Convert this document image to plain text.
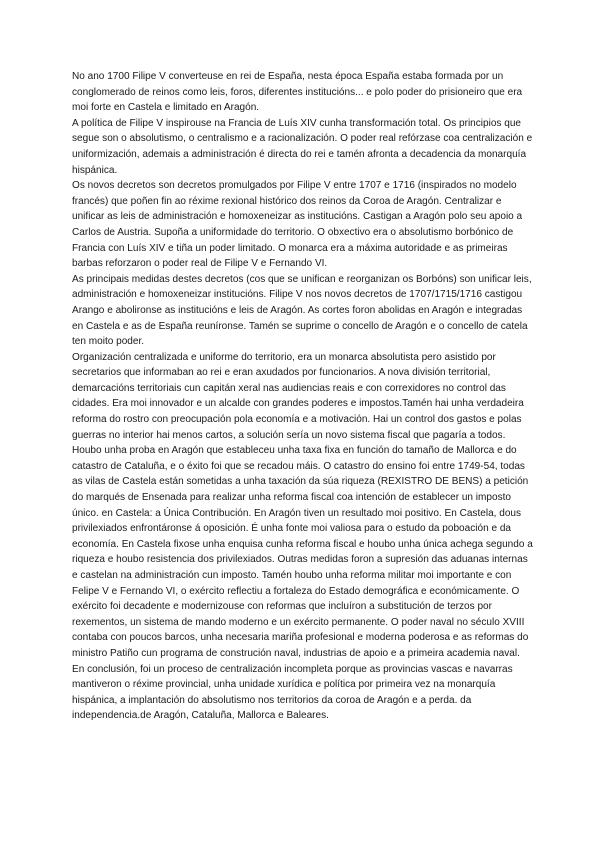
No ano 1700 Filipe V converteuse en rei de España, nesta época España estaba formada por un conglomerado de reinos como leis, foros, diferentes institucións... e polo poder do prisioneiro que era moi forte en Castela e limitado en Aragón.

A política de Filipe V inspirouse na Francia de Luís XIV cunha transformación total. Os principios que segue son o absolutismo, o centralismo e a racionalización. O poder real refórzase coa centralización e uniformización, ademais a administración é directa do rei e tamén afronta a decadencia da monarquía hispánica.

Os novos decretos son decretos promulgados por Filipe V entre 1707 e 1716 (inspirados no modelo francés) que poñen fin ao réxime rexional histórico dos reinos da Coroa de Aragón. Centralizar e unificar as leis de administración e homoxeneizar as institucións. Castigan a Aragón polo seu apoio a Carlos de Austria. Supoña a uniformidade do territorio. O obxectivo era o absolutismo borbónico de Francia con Luís XIV e tiña un poder limitado. O monarca era a máxima autoridade e as primeiras barbas reforzaron o poder real de Filipe V e Fernando VI.

As principais medidas destes decretos (cos que se unifican e reorganizan os Borbóns) son unificar leis, administración e homoxeneizar institucións. Filipe V nos novos decretos de 1707/1715/1716 castigou Arango e abolironse as institucións e leis de Aragón. As cortes foron abolidas en Aragón e integradas en Castela e as de España reuníronse. Tamén se suprime o concello de Aragón e o concello de catela ten moito poder.

Organización centralizada e uniforme do territorio, era un monarca absolutista pero asistido por secretarios que informaban ao rei e eran axudados por funcionarios. A nova división territorial, demarcacións territoriais cun capitán xeral nas audiencias reais e con correxidores no control das cidades. Era moi innovador e un alcalde con grandes poderes e impostos.Tamén hai unha verdadeira reforma do rostro con preocupación pola economía e a motivación. Hai un control dos gastos e polas guerras no interior hai menos cartos, a solución sería un novo sistema fiscal que pagaría a todos. Houbo unha proba en Aragón que estableceu unha taxa fixa en función do tamaño de Mallorca e do catastro de Cataluña, e o éxito foi que se recadou máis. O catastro do ensino foi entre 1749-54, todas as vilas de Castela están sometidas a unha taxación da súa riqueza (REXISTRO DE BENS) a petición do marqués de Ensenada para realizar unha reforma fiscal coa intención de establecer un imposto único. en Castela: a Única Contribución. En Aragón tiven un resultado moi positivo. En Castela, dous privilexiados enfrontáronse á oposición. É unha fonte moi valiosa para o estudo da poboación e da economía. En Castela fixose unha enquisa cunha reforma fiscal e houbo unha única achega segundo a riqueza e houbo resistencia dos privilexiados. Outras medidas foron a supresión das aduanas internas e castelan na administración cun imposto. Tamén houbo unha reforma militar moi importante e con Felipe V e Fernando VI, o exército reflectiu a fortaleza do Estado demográfica e económicamente. O exército foi decadente e modernizouse con reformas que incluíron a substitución de terzos por rexementos, un sistema de mando moderno e un exército permanente. O poder naval no século XVIII contaba con poucos barcos, unha necesaria mariña profesional e moderna poderosa e as reformas do ministro Patiño cun programa de construción naval, industrias de apoio e a primeira academia naval.

En conclusión, foi un proceso de centralización incompleta porque as provincias vascas e navarras mantiveron o réxime provincial, unha unidade xurídica e política por primeira vez na monarquía hispánica, a implantación do absolutismo nos territorios da coroa de Aragón e a perda. da independencia.de Aragón, Cataluña, Mallorca e Baleares.
